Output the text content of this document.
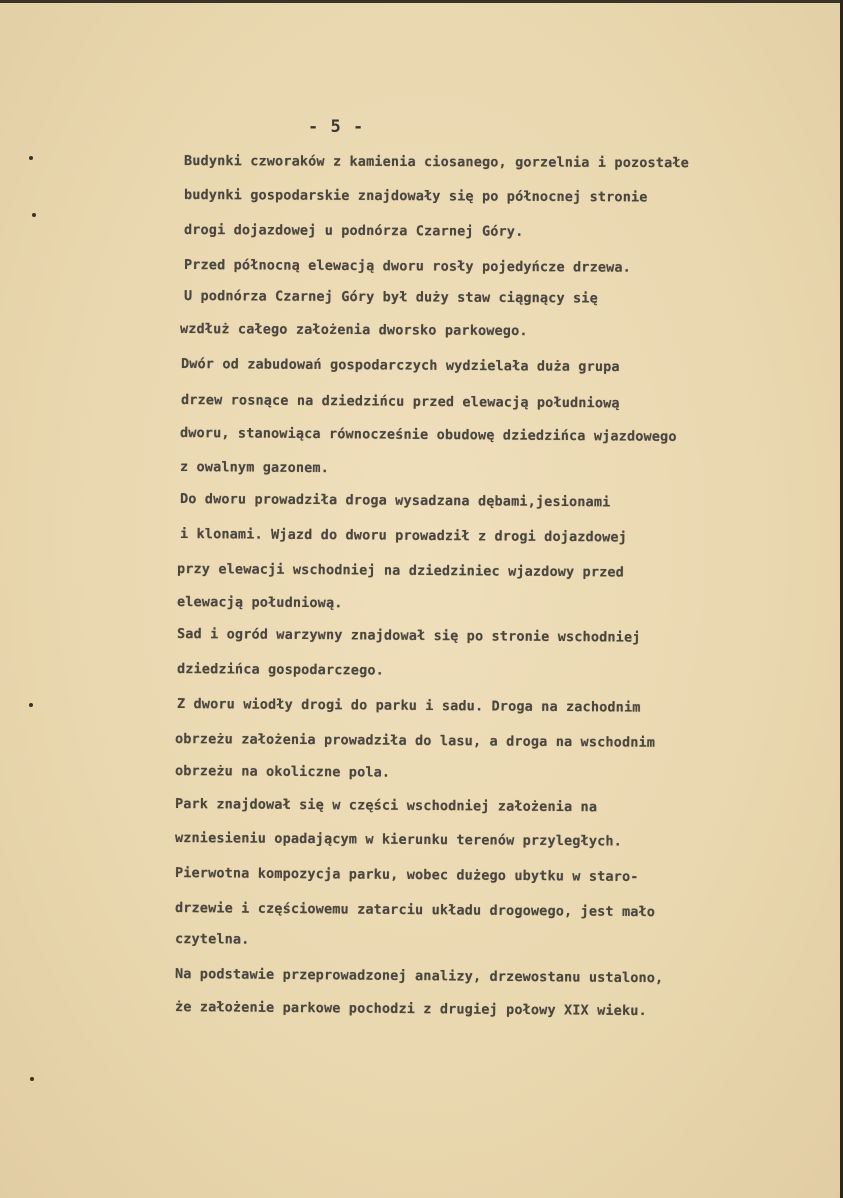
- 5 -
Budynki czworaków z kamienia ciosanego, gorzelnia i pozostałe
budynki gospodarskie znajdowały się po północnej stronie
drogi dojazdowej u podnórza Czarnej Góry.
Przed północną elewacją dworu rosły pojedyńcze drzewa.
U podnórza Czarnej Góry był duży staw ciągnący się
wzdłuż całego założenia dworsko parkowego.
Dwór od zabudowań gospodarczych wydzielała duża grupa
drzew rosnące na dziedzińcu przed elewacją południową
dworu, stanowiąca równocześnie obudowę dziedzińca wjazdowego
z owalnym gazonem.
Do dworu prowadziła droga wysadzana dębami,jesionami
i klonami. Wjazd do dworu prowadził z drogi dojazdowej
przy elewacji wschodniej na dziedziniec wjazdowy przed
elewacją południową.
Sad i ogród warzywny znajdował się po stronie wschodniej
dziedzińca gospodarczego.
Z dworu wiodły drogi do parku i sadu. Droga na zachodnim
obrzeżu założenia prowadziła do lasu, a droga na wschodnim
obrzeżu na okoliczne pola.
Park znajdował się w części wschodniej założenia na
wzniesieniu opadającym w kierunku terenów przyległych.
Pierwotna kompozycja parku, wobec dużego ubytku w staro-
drzewie i częściowemu zatarciu układu drogowego, jest mało
czytelna.
Na podstawie przeprowadzonej analizy, drzewostanu ustalono,
że założenie parkowe pochodzi z drugiej połowy XIX wieku.
